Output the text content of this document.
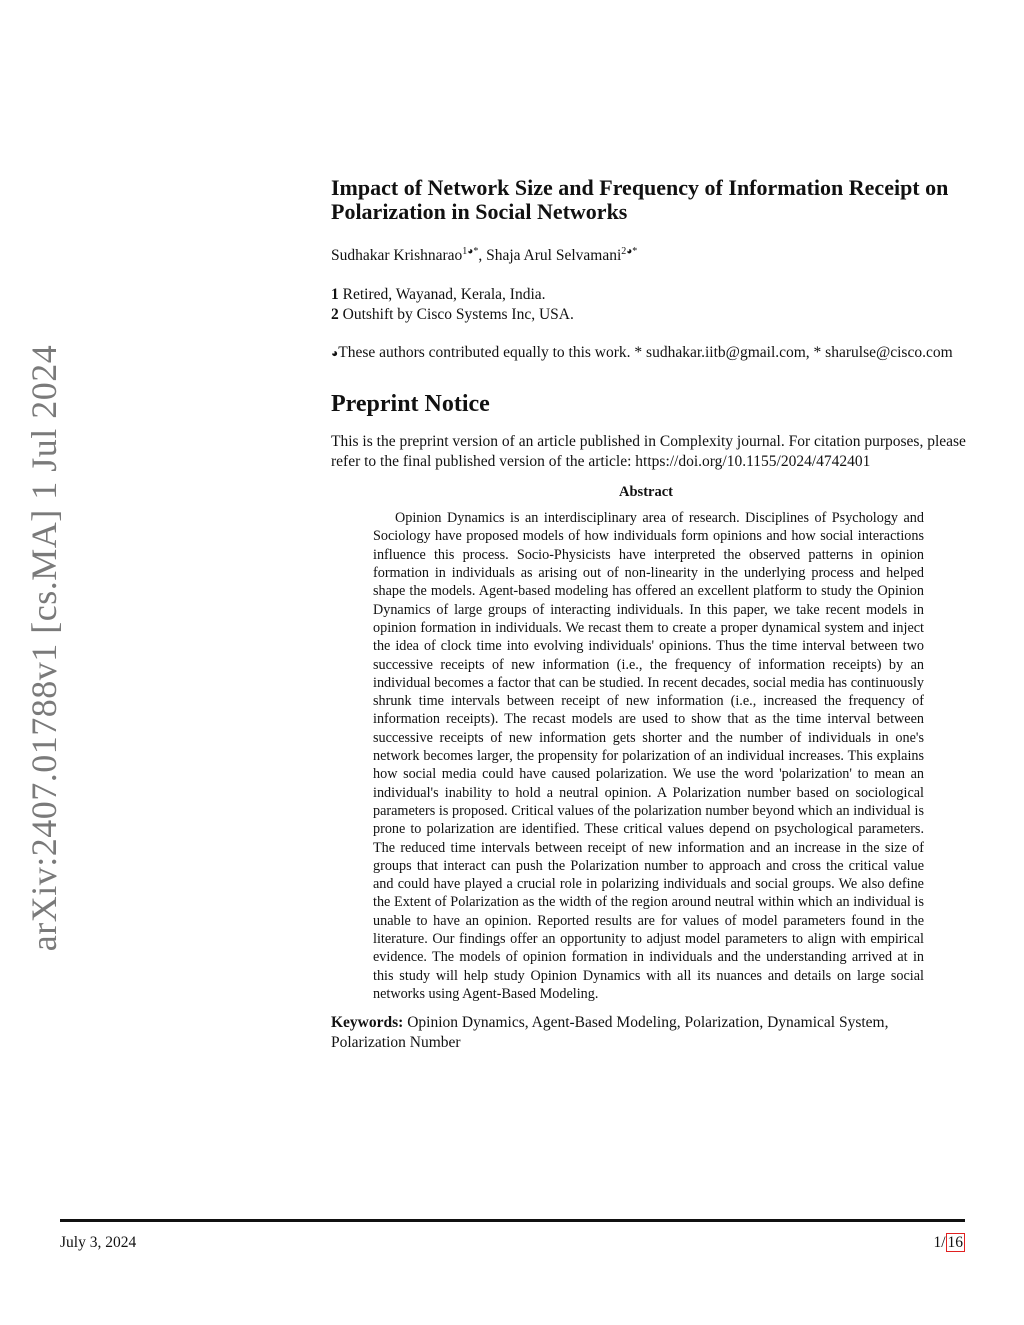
arXiv:2407.01788v1 [cs.MA] 1 Jul 2024
Impact of Network Size and Frequency of Information Receipt on Polarization in Social Networks
Sudhakar Krishnarao$^{1◕*}$, Shaja Arul Selvamani$^{2◕*}$
1 Retired, Wayanad, Kerala, India.
2 Outshift by Cisco Systems Inc, USA.
◕These authors contributed equally to this work. * sudhakar.iitb@gmail.com, * sharulse@cisco.com
Preprint Notice
This is the preprint version of an article published in Complexity journal. For citation purposes, please refer to the final published version of the article: https://doi.org/10.1155/2024/4742401
Abstract
Opinion Dynamics is an interdisciplinary area of research. Disciplines of Psychology and Sociology have proposed models of how individuals form opinions and how social interactions influence this process. Socio-Physicists have interpreted the observed patterns in opinion formation in individuals as arising out of non-linearity in the underlying process and helped shape the models. Agent-based modeling has offered an excellent platform to study the Opinion Dynamics of large groups of interacting individuals. In this paper, we take recent models in opinion formation in individuals. We recast them to create a proper dynamical system and inject the idea of clock time into evolving individuals' opinions. Thus the time interval between two successive receipts of new information (i.e., the frequency of information receipts) by an individual becomes a factor that can be studied. In recent decades, social media has continuously shrunk time intervals between receipt of new information (i.e., increased the frequency of information receipts). The recast models are used to show that as the time interval between successive receipts of new information gets shorter and the number of individuals in one's network becomes larger, the propensity for polarization of an individual increases. This explains how social media could have caused polarization. We use the word 'polarization' to mean an individual's inability to hold a neutral opinion. A Polarization number based on sociological parameters is proposed. Critical values of the polarization number beyond which an individual is prone to polarization are identified. These critical values depend on psychological parameters. The reduced time intervals between receipt of new information and an increase in the size of groups that interact can push the Polarization number to approach and cross the critical value and could have played a crucial role in polarizing individuals and social groups. We also define the Extent of Polarization as the width of the region around neutral within which an individual is unable to have an opinion. Reported results are for values of model parameters found in the literature. Our findings offer an opportunity to adjust model parameters to align with empirical evidence. The models of opinion formation in individuals and the understanding arrived at in this study will help study Opinion Dynamics with all its nuances and details on large social networks using Agent-Based Modeling.
Keywords: Opinion Dynamics, Agent-Based Modeling, Polarization, Dynamical System, Polarization Number
July 3, 2024	1/ 16
